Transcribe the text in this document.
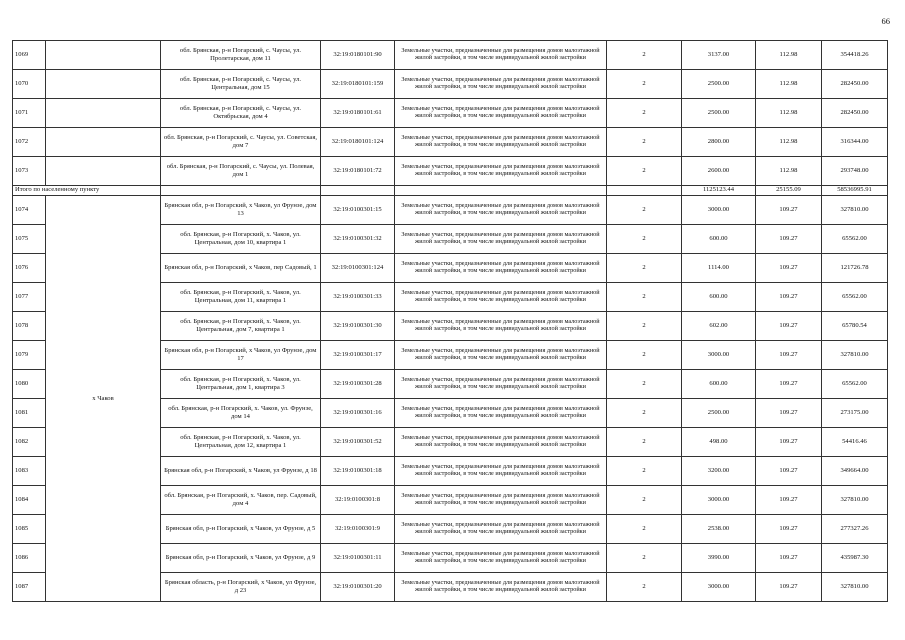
66
1069		обл. Брянская, р-н Погарский, с. Чаусы, ул. Пролетарская, дом 11	32:19:0180101:90	Земельные участки, предназначенные для размещения домов малоэтажной жилой застройки, в том числе индивидуальной жилой застройки	2	3137.00	112.98	354418.26
1070		обл. Брянская, р-н Погарский, с. Чаусы, ул. Центральная, дом 15	32:19:0180101:159	Земельные участки, предназначенные для размещения домов малоэтажной жилой застройки, в том числе индивидуальной жилой застройки	2	2500.00	112.98	282450.00
1071		обл. Брянская, р-н Погарский, с. Чаусы, ул. Октябрьская, дом 4	32:19:0180101:61	Земельные участки, предназначенные для размещения домов малоэтажной жилой застройки, в том числе индивидуальной жилой застройки	2	2500.00	112.98	282450.00
1072		обл. Брянская, р-н Погарский, с. Чаусы, ул. Советская, дом 7	32:19:0180101:124	Земельные участки, предназначенные для размещения домов малоэтажной жилой застройки, в том числе индивидуальной жилой застройки	2	2800.00	112.98	316344.00
1073		обл. Брянская, р-н Погарский, с. Чаусы, ул. Полевая, дом 1	32:19:0180101:72	Земельные участки, предназначенные для размещения домов малоэтажной жилой застройки, в том числе индивидуальной жилой застройки	2	2600.00	112.98	293748.00
Итого по населенному пункту						1125123.44	25155.09	58536995.91
1074	х Чаков	Брянская обл, р-н Погарский, х Чаков, ул Фрунзе, дом 13	32:19:0100301:15	Земельные участки, предназначенные для размещения домов малоэтажной жилой застройки, в том числе индивидуальной жилой застройки	2	3000.00	109.27	327810.00
1075		обл. Брянская, р-н Погарский, х. Чаков, ул. Центральная, дом 10, квартира 1	32:19:0100301:32	Земельные участки, предназначенные для размещения домов малоэтажной жилой застройки, в том числе индивидуальной жилой застройки	2	600.00	109.27	65562.00
1076		Брянская обл, р-н Погарский, х Чаков, пер Садовый, 1	32:19:0100301:124	Земельные участки, предназначенные для размещения домов малоэтажной жилой застройки, в том числе индивидуальной жилой застройки	2	1114.00	109.27	121726.78
1077		обл. Брянская, р-н Погарский, х. Чаков, ул. Центральная, дом 11, квартира 1	32:19:0100301:33	Земельные участки, предназначенные для размещения домов малоэтажной жилой застройки, в том числе индивидуальной жилой застройки	2	600.00	109.27	65562.00
1078		обл. Брянская, р-н Погарский, х. Чаков, ул. Центральная, дом 7, квартира 1	32:19:0100301:30	Земельные участки, предназначенные для размещения домов малоэтажной жилой застройки, в том числе индивидуальной жилой застройки	2	602.00	109.27	65780.54
1079		Брянская обл, р-н Погарский, х Чаков, ул Фрунзе, дом 17	32:19:0100301:17	Земельные участки, предназначенные для размещения домов малоэтажной жилой застройки, в том числе индивидуальной жилой застройки	2	3000.00	109.27	327810.00
1080		обл. Брянская, р-н Погарский, х. Чаков, ул. Центральная, дом 1, квартира 3	32:19:0100301:28	Земельные участки, предназначенные для размещения домов малоэтажной жилой застройки, в том числе индивидуальной жилой застройки	2	600.00	109.27	65562.00
1081		обл. Брянская, р-н Погарский, х. Чаков, ул. Фрунзе, дом 14	32:19:0100301:16	Земельные участки, предназначенные для размещения домов малоэтажной жилой застройки, в том числе индивидуальной жилой застройки	2	2500.00	109.27	273175.00
1082		обл. Брянская, р-н Погарский, х. Чаков, ул. Центральная, дом 12, квартира 1	32:19:0100301:52	Земельные участки, предназначенные для размещения домов малоэтажной жилой застройки, в том числе индивидуальной жилой застройки	2	498.00	109.27	54416.46
1083		Брянская обл, р-н Погарский, х Чаков, ул Фрунзе, д 18	32:19:0100301:18	Земельные участки, предназначенные для размещения домов малоэтажной жилой застройки, в том числе индивидуальной жилой застройки	2	3200.00	109.27	349664.00
1084		обл. Брянская, р-н Погарский, х. Чаков, пер. Садовый, дом 4	32:19:0100301:8	Земельные участки, предназначенные для размещения домов малоэтажной жилой застройки, в том числе индивидуальной жилой застройки	2	3000.00	109.27	327810.00
1085		Брянская обл, р-н Погарский, х Чаков, ул Фрунзе, д 5	32:19:0100301:9	Земельные участки, предназначенные для размещения домов малоэтажной жилой застройки, в том числе индивидуальной жилой застройки	2	2538.00	109.27	277327.26
1086		Брянская обл, р-н Погарский, х Чаков, ул Фрунзе, д 9	32:19:0100301:11	Земельные участки, предназначенные для размещения домов малоэтажной жилой застройки, в том числе индивидуальной жилой застройки	2	3990.00	109.27	435987.30
1087		Брянская область, р-н Погарский, х Чаков, ул Фрунзе, д 23	32:19:0100301:20	Земельные участки, предназначенные для размещения домов малоэтажной жилой застройки, в том числе индивидуальной жилой застройки	2	3000.00	109.27	327810.00
